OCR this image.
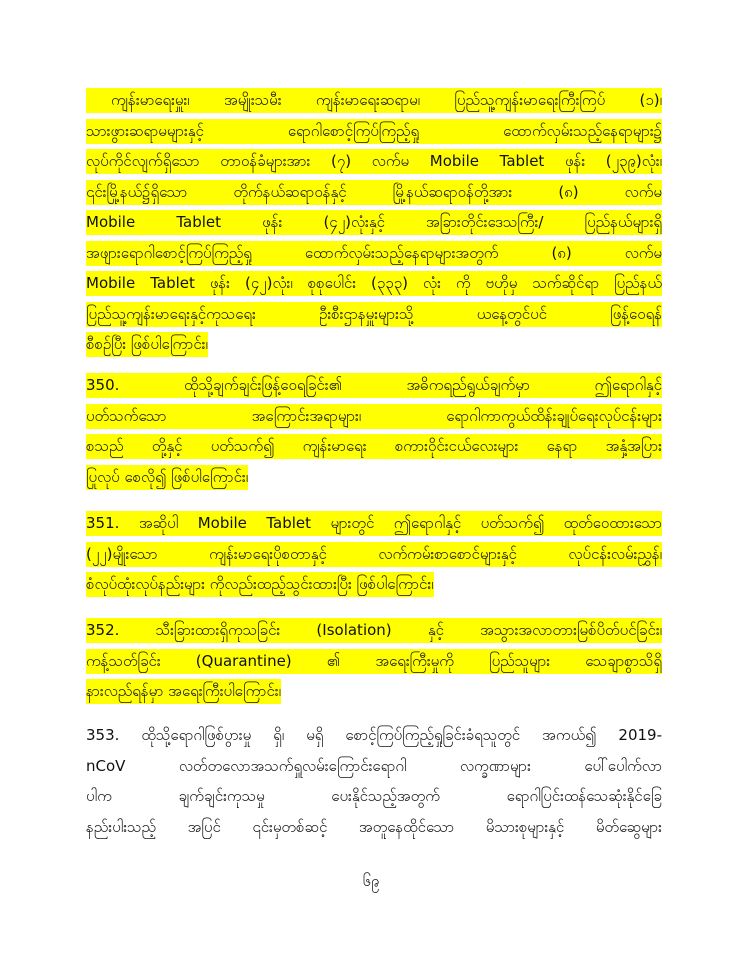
ကျန်းမာရေးမှူး၊ အမျိုးသမီး ကျန်းမာရေးဆရာမ၊ ပြည်သူ့ကျန်းမာရေးကြီးကြပ် (၁)၊
သားဖွားဆရာမများနှင့် ရောဂါစောင့်ကြပ်ကြည့်ရှု ထောက်လှမ်းသည့်နေရာများ၌
လုပ်ကိုင်လျက်ရှိသော တာဝန်ခံများအား (၇) လက်မ Mobile Tablet ဖုန်း (၂၃၉)လုံး၊
၎င်းမြို့နယ်၌ရှိသော တိုက်နယ်ဆရာဝန်နှင့် မြို့နယ်ဆရာဝန်တို့အား (၈) လက်မ
Mobile Tablet ဖုန်း (၄၂)လုံးနှင့် အခြားတိုင်းဒေသကြီး/ ပြည်နယ်များရှိ
အဖျားရောဂါစောင့်ကြပ်ကြည့်ရှု ထောက်လှမ်းသည့်နေရာများအတွက် (၈) လက်မ
Mobile Tablet ဖုန်း (၄၂)လုံး၊ စုစုပေါင်း (၃၃၃) လုံး ကို ဗဟိုမှ သက်ဆိုင်ရာ ပြည်နယ်
ပြည်သူ့ကျန်းမာရေးနှင့်ကုသရေး ဦးစီးဌာနမှူးများသို့ ယနေ့တွင်ပင် ဖြန့်ဝေရန်
စီစဉ်ပြီး ဖြစ်ပါကြောင်း၊
350. ထိုသို့ချက်ချင်းဖြန့်ဝေရခြင်း၏ အဓိကရည်ရွယ်ချက်မှာ ဤရောဂါနှင့်
ပတ်သက်သော အကြောင်းအရာများ၊ ရောဂါကာကွယ်ထိန်းချုပ်ရေးလုပ်ငန်းများ
စသည် တို့နှင့် ပတ်သက်၍ ကျန်းမာရေး စကားဝိုင်းငယ်လေးများ နေရာ အနှံ့အပြား
ပြုလုပ် စေလို၍ ဖြစ်ပါကြောင်း၊
351. အဆိုပါ Mobile Tablet များတွင် ဤရောဂါနှင့် ပတ်သက်၍ ထုတ်ဝေထားသော
(၂၂)မျိုးသော ကျန်းမာရေးပိုစတာနှင့် လက်ကမ်းစာစောင်များနှင့် လုပ်ငန်းလမ်းညွှန်၊
စံလုပ်ထုံးလုပ်နည်းများ ကိုလည်းထည့်သွင်းထားပြီး ဖြစ်ပါကြောင်း၊
352. သီးခြားထားရှိကုသခြင်း (Isolation) နှင့် အသွားအလာတားမြစ်ပိတ်ပင်ခြင်း၊
ကန့်သတ်ခြင်း (Quarantine) ၏ အရေးကြီးမှုကို ပြည်သူများ သေချာစွာသိရှိ
နားလည်ရန်မှာ အရေးကြီးပါကြောင်း၊
353. ထိုသို့ရောဂါဖြစ်ပွားမှု ရှိ၊ မရှိ စောင့်ကြပ်ကြည့်ရှုခြင်းခံရသူတွင် အကယ်၍ 2019-
nCoV လတ်တလောအသက်ရှူလမ်းကြောင်းရောဂါ လက္ခဏာများ ပေါ်ပေါက်လာ
ပါက ချက်ချင်းကုသမှု ပေးနိုင်သည့်အတွက် ရောဂါပြင်းထန်သေဆုံးနိုင်ခြေ
နည်းပါးသည့် အပြင် ၎င်းမှတစ်ဆင့် အတူနေထိုင်သော မိသားစုများနှင့် မိတ်ဆွေများ
၆၉
